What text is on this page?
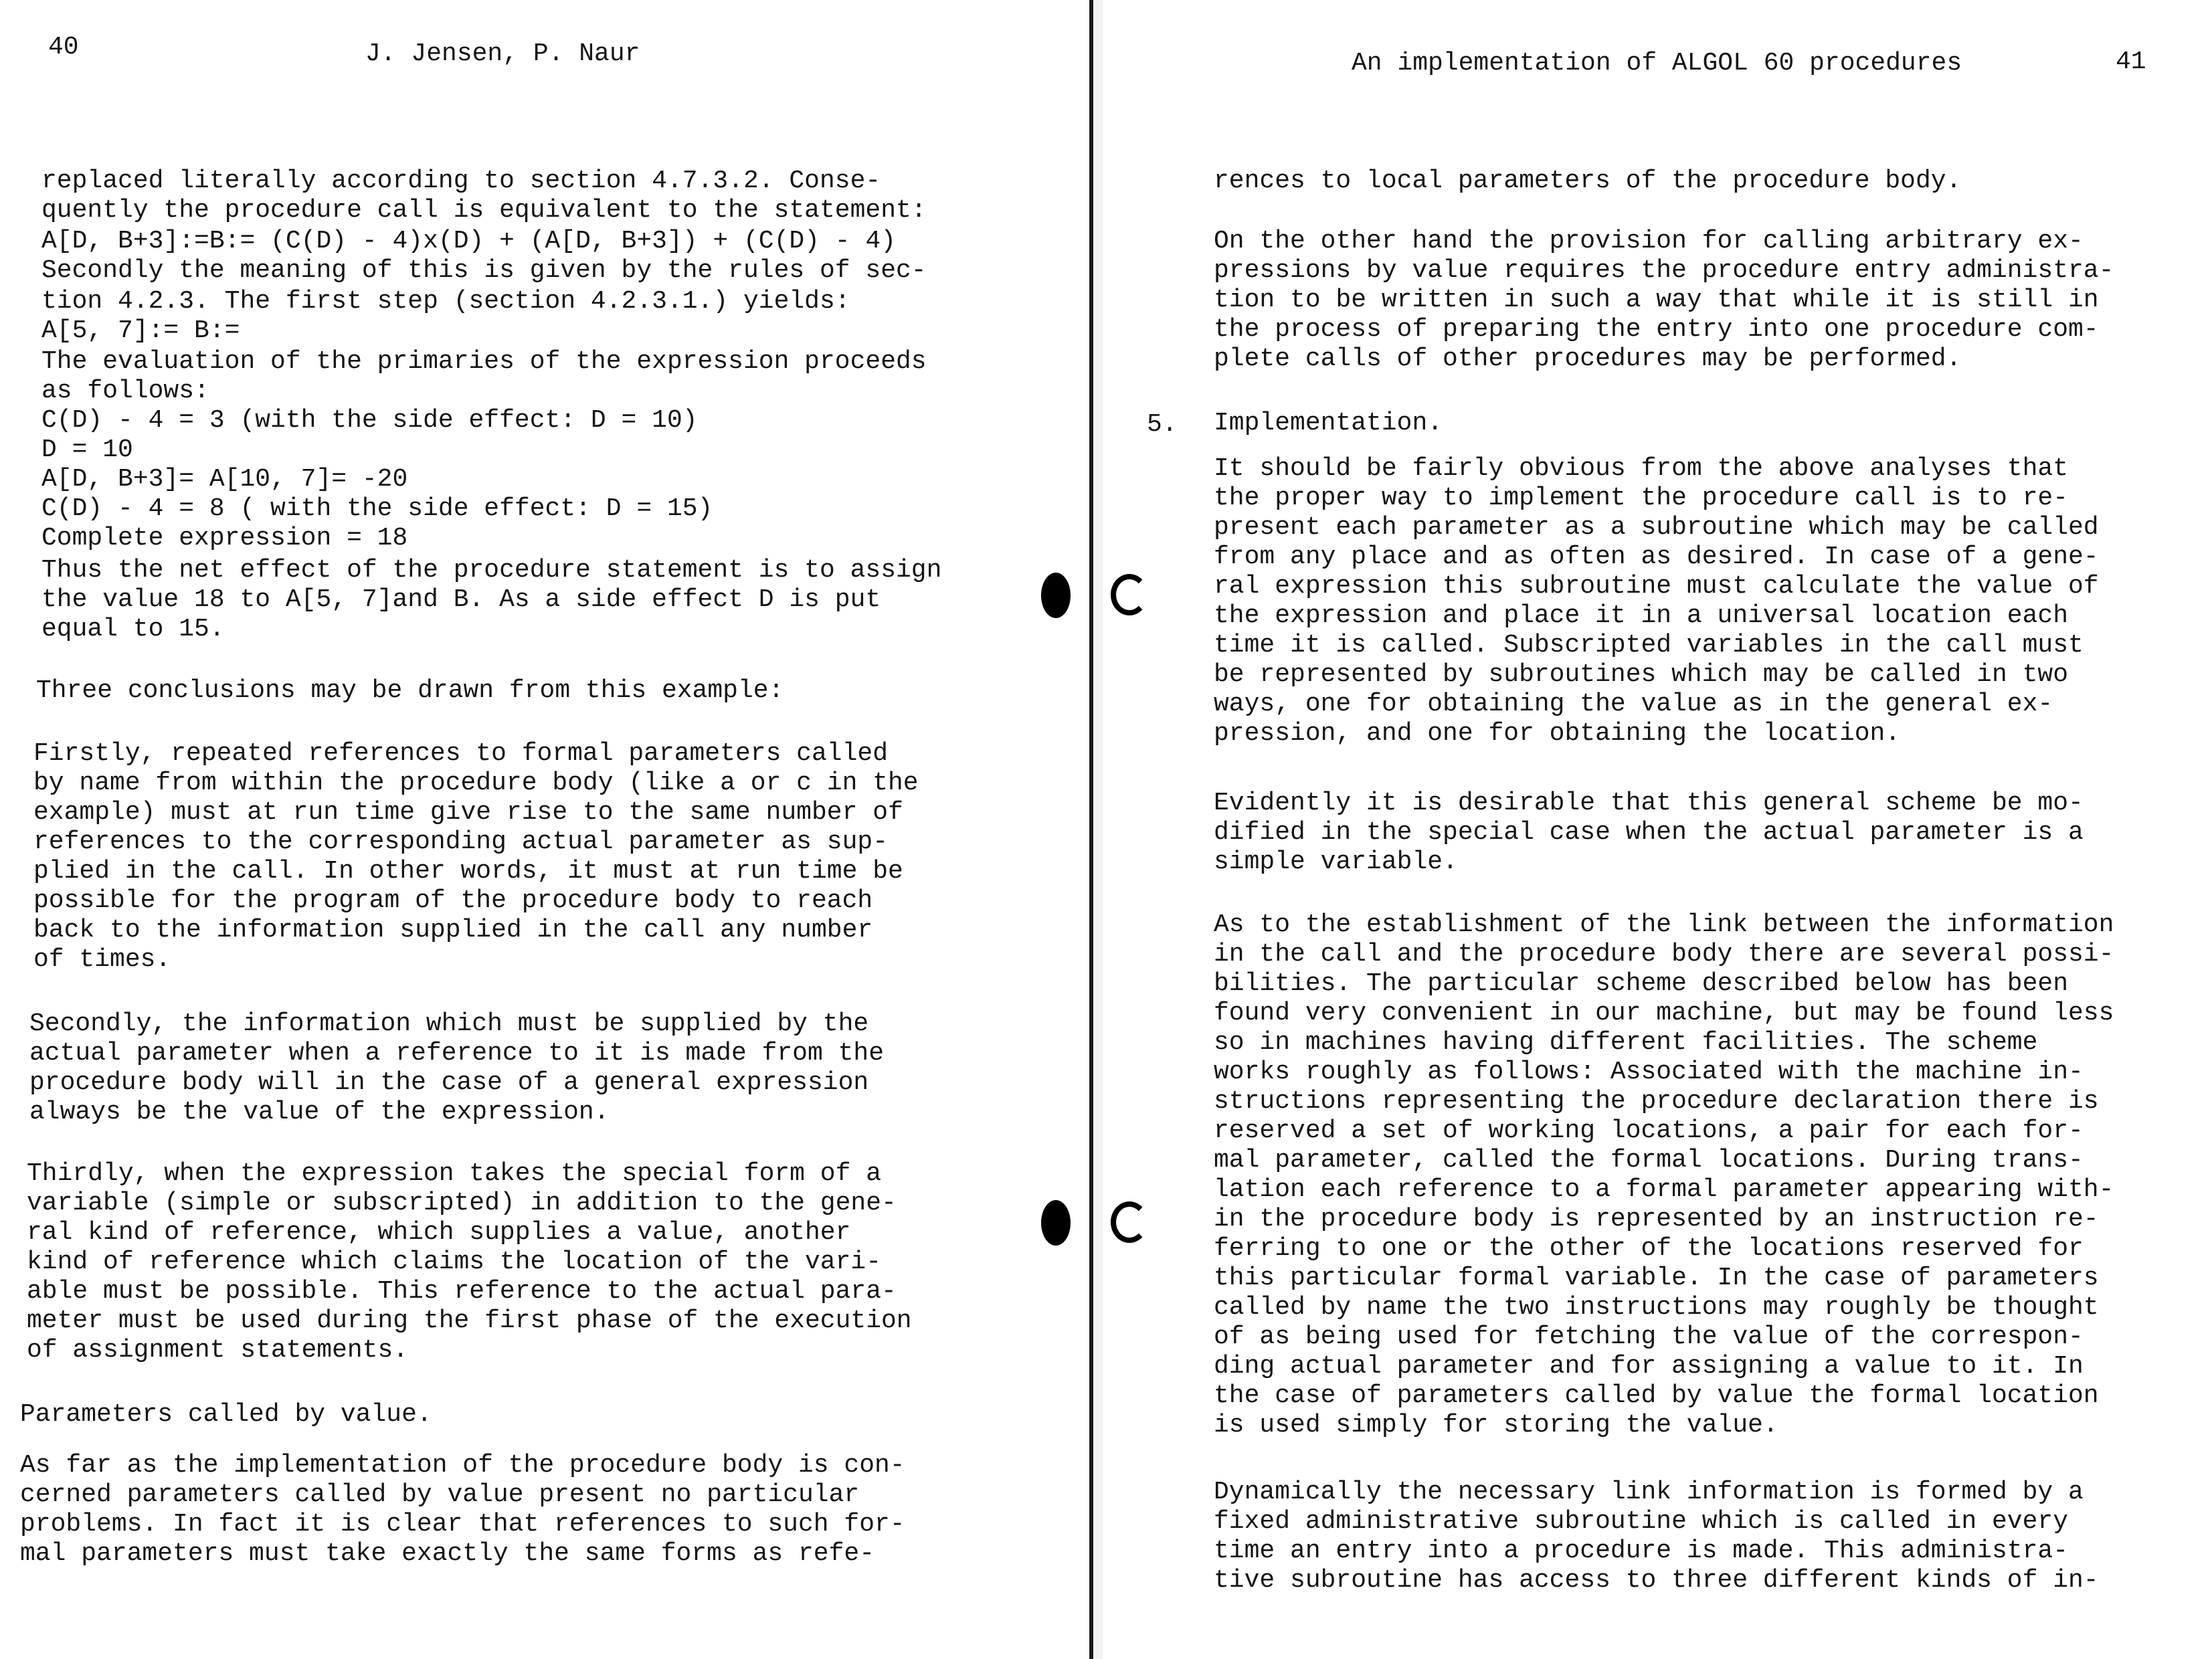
40	J. Jensen, P. Naur
replaced literally according to section 4.7.3.2. Conse-
quently the procedure call is equivalent to the statement:
A[D, B+3]:=B:= (C(D) - 4)x(D) + (A[D, B+3]) + (C(D) - 4)
Secondly the meaning of this is given by the rules of sec-
tion 4.2.3. The first step (section 4.2.3.1.) yields:
A[5, 7]:= B:=
The evaluation of the primaries of the expression proceeds
as follows:
C(D) - 4 = 3 (with the side effect: D = 10)
D = 10
A[D, B+3]= A[10, 7]= -20
C(D) - 4 = 8 ( with the side effect: D = 15)
Complete expression = 18
Thus the net effect of the procedure statement is to assign
the value 18 to A[5, 7]and B. As a side effect D is put
equal to 15.
Three conclusions may be drawn from this example:
Firstly, repeated references to formal parameters called
by name from within the procedure body (like a or c in the
example) must at run time give rise to the same number of
references to the corresponding actual parameter as sup-
plied in the call. In other words, it must at run time be
possible for the program of the procedure body to reach
back to the information supplied in the call any number
of times.
Secondly, the information which must be supplied by the
actual parameter when a reference to it is made from the
procedure body will in the case of a general expression
always be the value of the expression.
Thirdly, when the expression takes the special form of a
variable (simple or subscripted) in addition to the gene-
ral kind of reference, which supplies a value, another
kind of reference which claims the location of the vari-
able must be possible. This reference to the actual para-
meter must be used during the first phase of the execution
of assignment statements.
Parameters called by value.
As far as the implementation of the procedure body is con-
cerned parameters called by value present no particular
problems. In fact it is clear that references to such for-
mal parameters must take exactly the same forms as refe-
An implementation of ALGOL 60 procedures	41
5.
rences to local parameters of the procedure body.
On the other hand the provision for calling arbitrary ex-
pressions by value requires the procedure entry administra-
tion to be written in such a way that while it is still in
the process of preparing the entry into one procedure com-
plete calls of other procedures may be performed.
Implementation.
It should be fairly obvious from the above analyses that
the proper way to implement the procedure call is to re-
present each parameter as a subroutine which may be called
from any place and as often as desired. In case of a gene-
ral expression this subroutine must calculate the value of
the expression and place it in a universal location each
time it is called. Subscripted variables in the call must
be represented by subroutines which may be called in two
ways, one for obtaining the value as in the general ex-
pression, and one for obtaining the location.
Evidently it is desirable that this general scheme be mo-
dified in the special case when the actual parameter is a
simple variable.
As to the establishment of the link between the information
in the call and the procedure body there are several possi-
bilities. The particular scheme described below has been
found very convenient in our machine, but may be found less
so in machines having different facilities. The scheme
works roughly as follows: Associated with the machine in-
structions representing the procedure declaration there is
reserved a set of working locations, a pair for each for-
mal parameter, called the formal locations. During trans-
lation each reference to a formal parameter appearing with-
in the procedure body is represented by an instruction re-
ferring to one or the other of the locations reserved for
this particular formal variable. In the case of parameters
called by name the two instructions may roughly be thought
of as being used for fetching the value of the correspon-
ding actual parameter and for assigning a value to it. In
the case of parameters called by value the formal location
is used simply for storing the value.
Dynamically the necessary link information is formed by a
fixed administrative subroutine which is called in every
time an entry into a procedure is made. This administra-
tive subroutine has access to three different kinds of in-
